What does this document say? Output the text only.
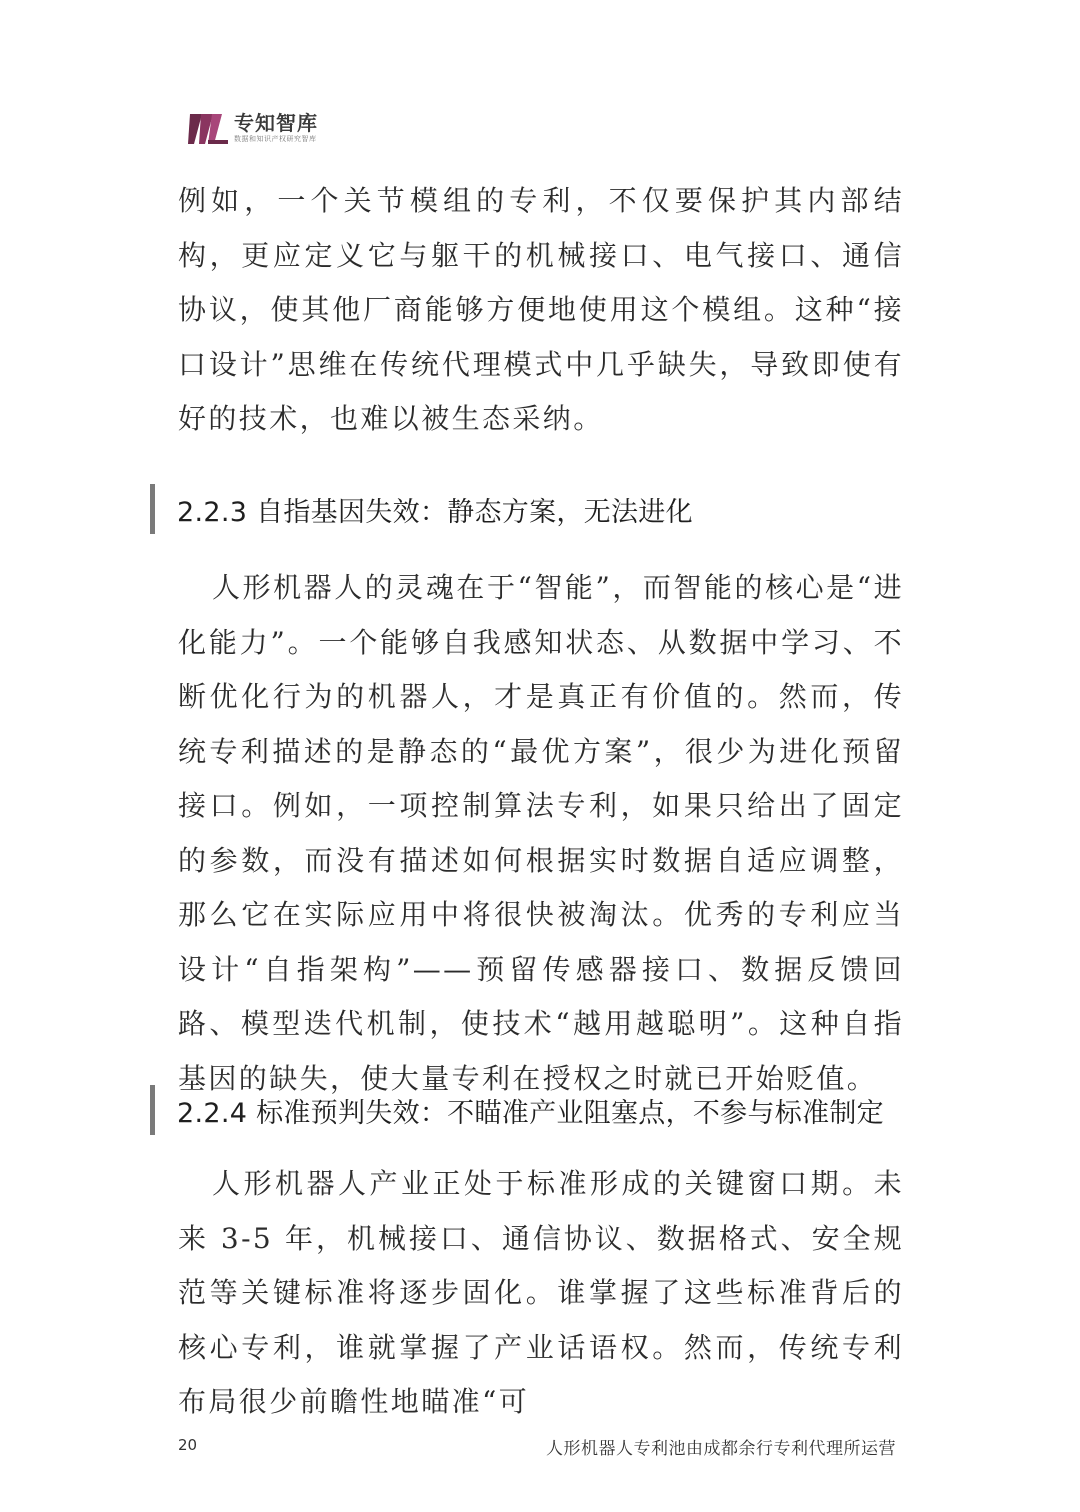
专知智库
数据和知识产权研究智库

例如，一个关节模组的专利，不仅要保护其内部结构，更应定义它与躯干的机械接口、电气接口、通信协议，使其他厂商能够方便地使用这个模组。这种“接口设计”思维在传统代理模式中几乎缺失，导致即使有好的技术，也难以被生态采纳。

2.2.3 自指基因失效：静态方案，无法进化

人形机器人的灵魂在于“智能”，而智能的核心是“进化能力”。一个能够自我感知状态、从数据中学习、不断优化行为的机器人，才是真正有价值的。然而，传统专利描述的是静态的“最优方案”，很少为进化预留接口。例如，一项控制算法专利，如果只给出了固定的参数，而没有描述如何根据实时数据自适应调整，那么它在实际应用中将很快被淘汰。优秀的专利应当设计“自指架构”——预留传感器接口、数据反馈回路、模型迭代机制，使技术“越用越聪明”。这种自指基因的缺失，使大量专利在授权之时就已开始贬值。

2.2.4 标准预判失效：不瞄准产业阻塞点，不参与标准制定

人形机器人产业正处于标准形成的关键窗口期。未来 3-5 年，机械接口、通信协议、数据格式、安全规范等关键标准将逐步固化。谁掌握了这些标准背后的核心专利，谁就掌握了产业话语权。然而，传统专利布局很少前瞻性地瞄准“可

20	人形机器人专利池由成都余行专利代理所运营
